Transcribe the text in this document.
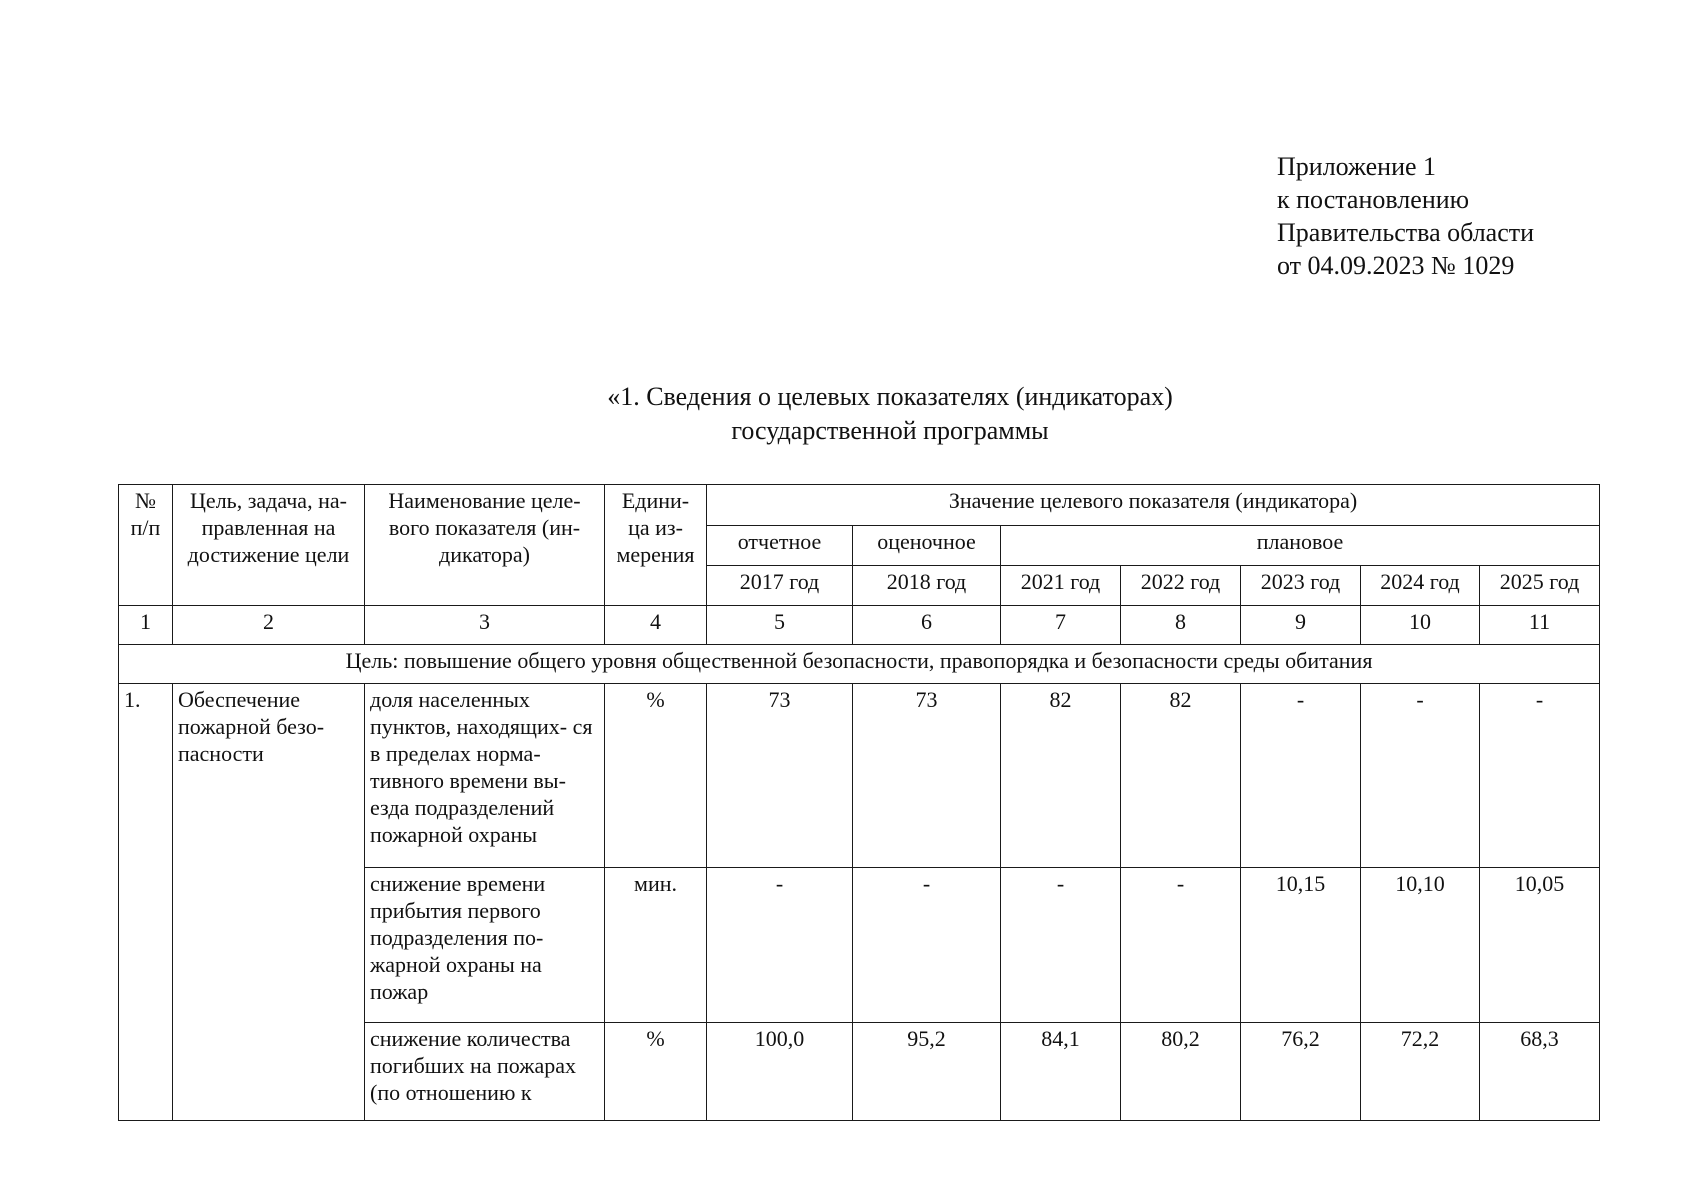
Приложение 1
к постановлению
Правительства области
от 04.09.2023 № 1029
«1. Сведения о целевых показателях (индикаторах)
государственной программы
№ п/п	Цель, задача, на- правленная на достижение цели	Наименование целе- вого показателя (ин- дикатора)	Едини- ца из- мерения	Значение целевого показателя (индикатора)						
				отчетное	оценочное	плановое				
				2017 год	2018 год	2021 год	2022 год	2023 год	2024 год	2025 год
1	2	3	4	5	6	7	8	9	10	11
Цель: повышение общего уровня общественной безопасности, правопорядка и безопасности среды обитания										
1.	Обеспечение пожарной безо- пасности	доля населенных пунктов, находящих- ся в пределах норма- тивного времени вы- езда подразделений пожарной охраны	%	73	73	82	82	-	-	-
		снижение времени прибытия первого подразделения по- жарной охраны на пожар	мин.	-	-	-	-	10,15	10,10	10,05
		снижение количества погибших на пожарах (по отношению к	%	100,0	95,2	84,1	80,2	76,2	72,2	68,3
